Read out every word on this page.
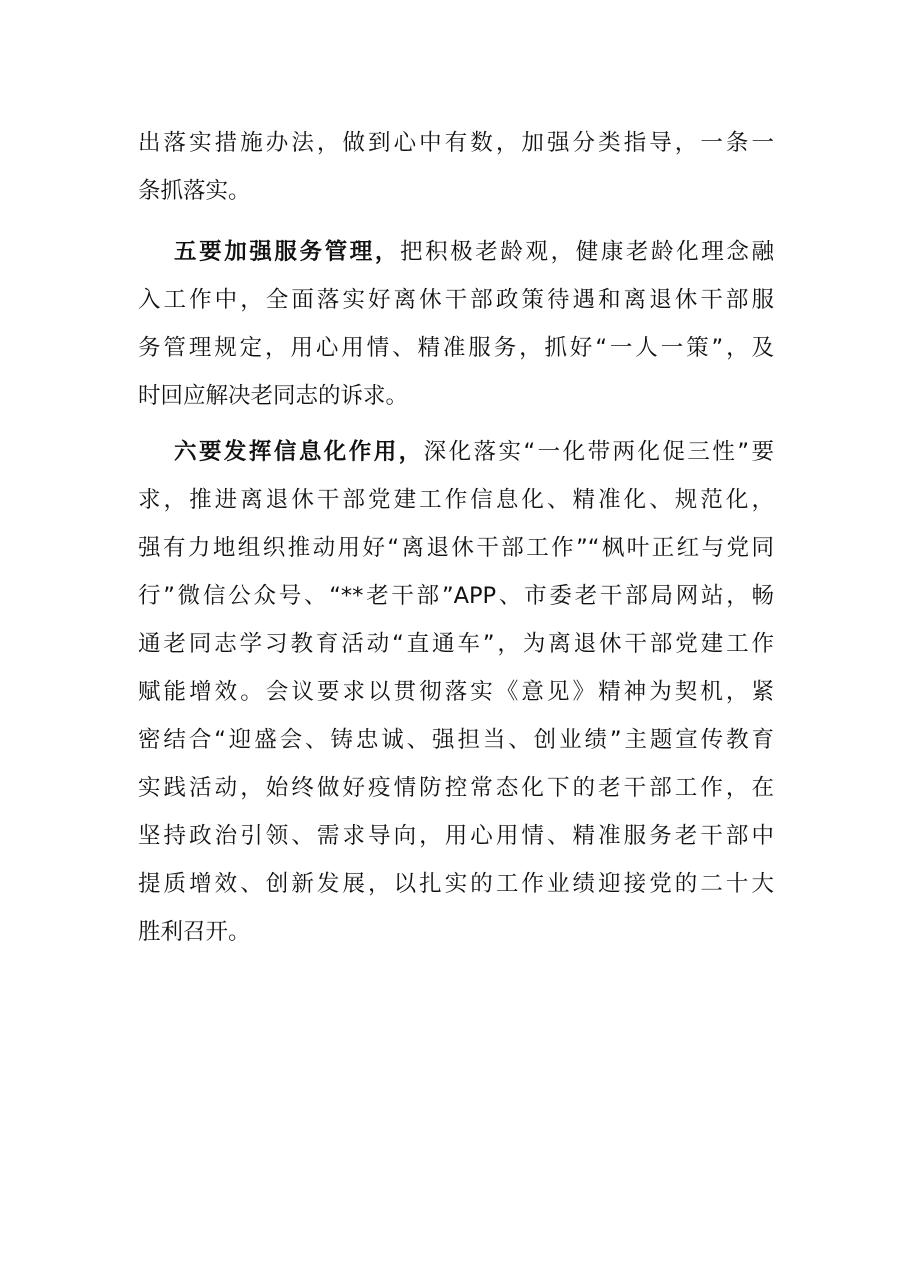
出落实措施办法，做到心中有数，加强分类指导，一条一
条抓落实。
五要加强服务管理，把积极老龄观，健康老龄化理念融
入工作中，全面落实好离休干部政策待遇和离退休干部服
务管理规定，用心用情、精准服务，抓好“一人一策”，及
时回应解决老同志的诉求。
六要发挥信息化作用，深化落实“一化带两化促三性”要
求，推进离退休干部党建工作信息化、精准化、规范化，
强有力地组织推动用好“离退休干部工作”“枫叶正红与党同
行”微信公众号、“**老干部”APP、市委老干部局网站，畅
通老同志学习教育活动“直通车”，为离退休干部党建工作
赋能增效。会议要求以贯彻落实《意见》精神为契机，紧
密结合“迎盛会、铸忠诚、强担当、创业绩”主题宣传教育
实践活动，始终做好疫情防控常态化下的老干部工作，在
坚持政治引领、需求导向，用心用情、精准服务老干部中
提质增效、创新发展，以扎实的工作业绩迎接党的二十大
胜利召开。
